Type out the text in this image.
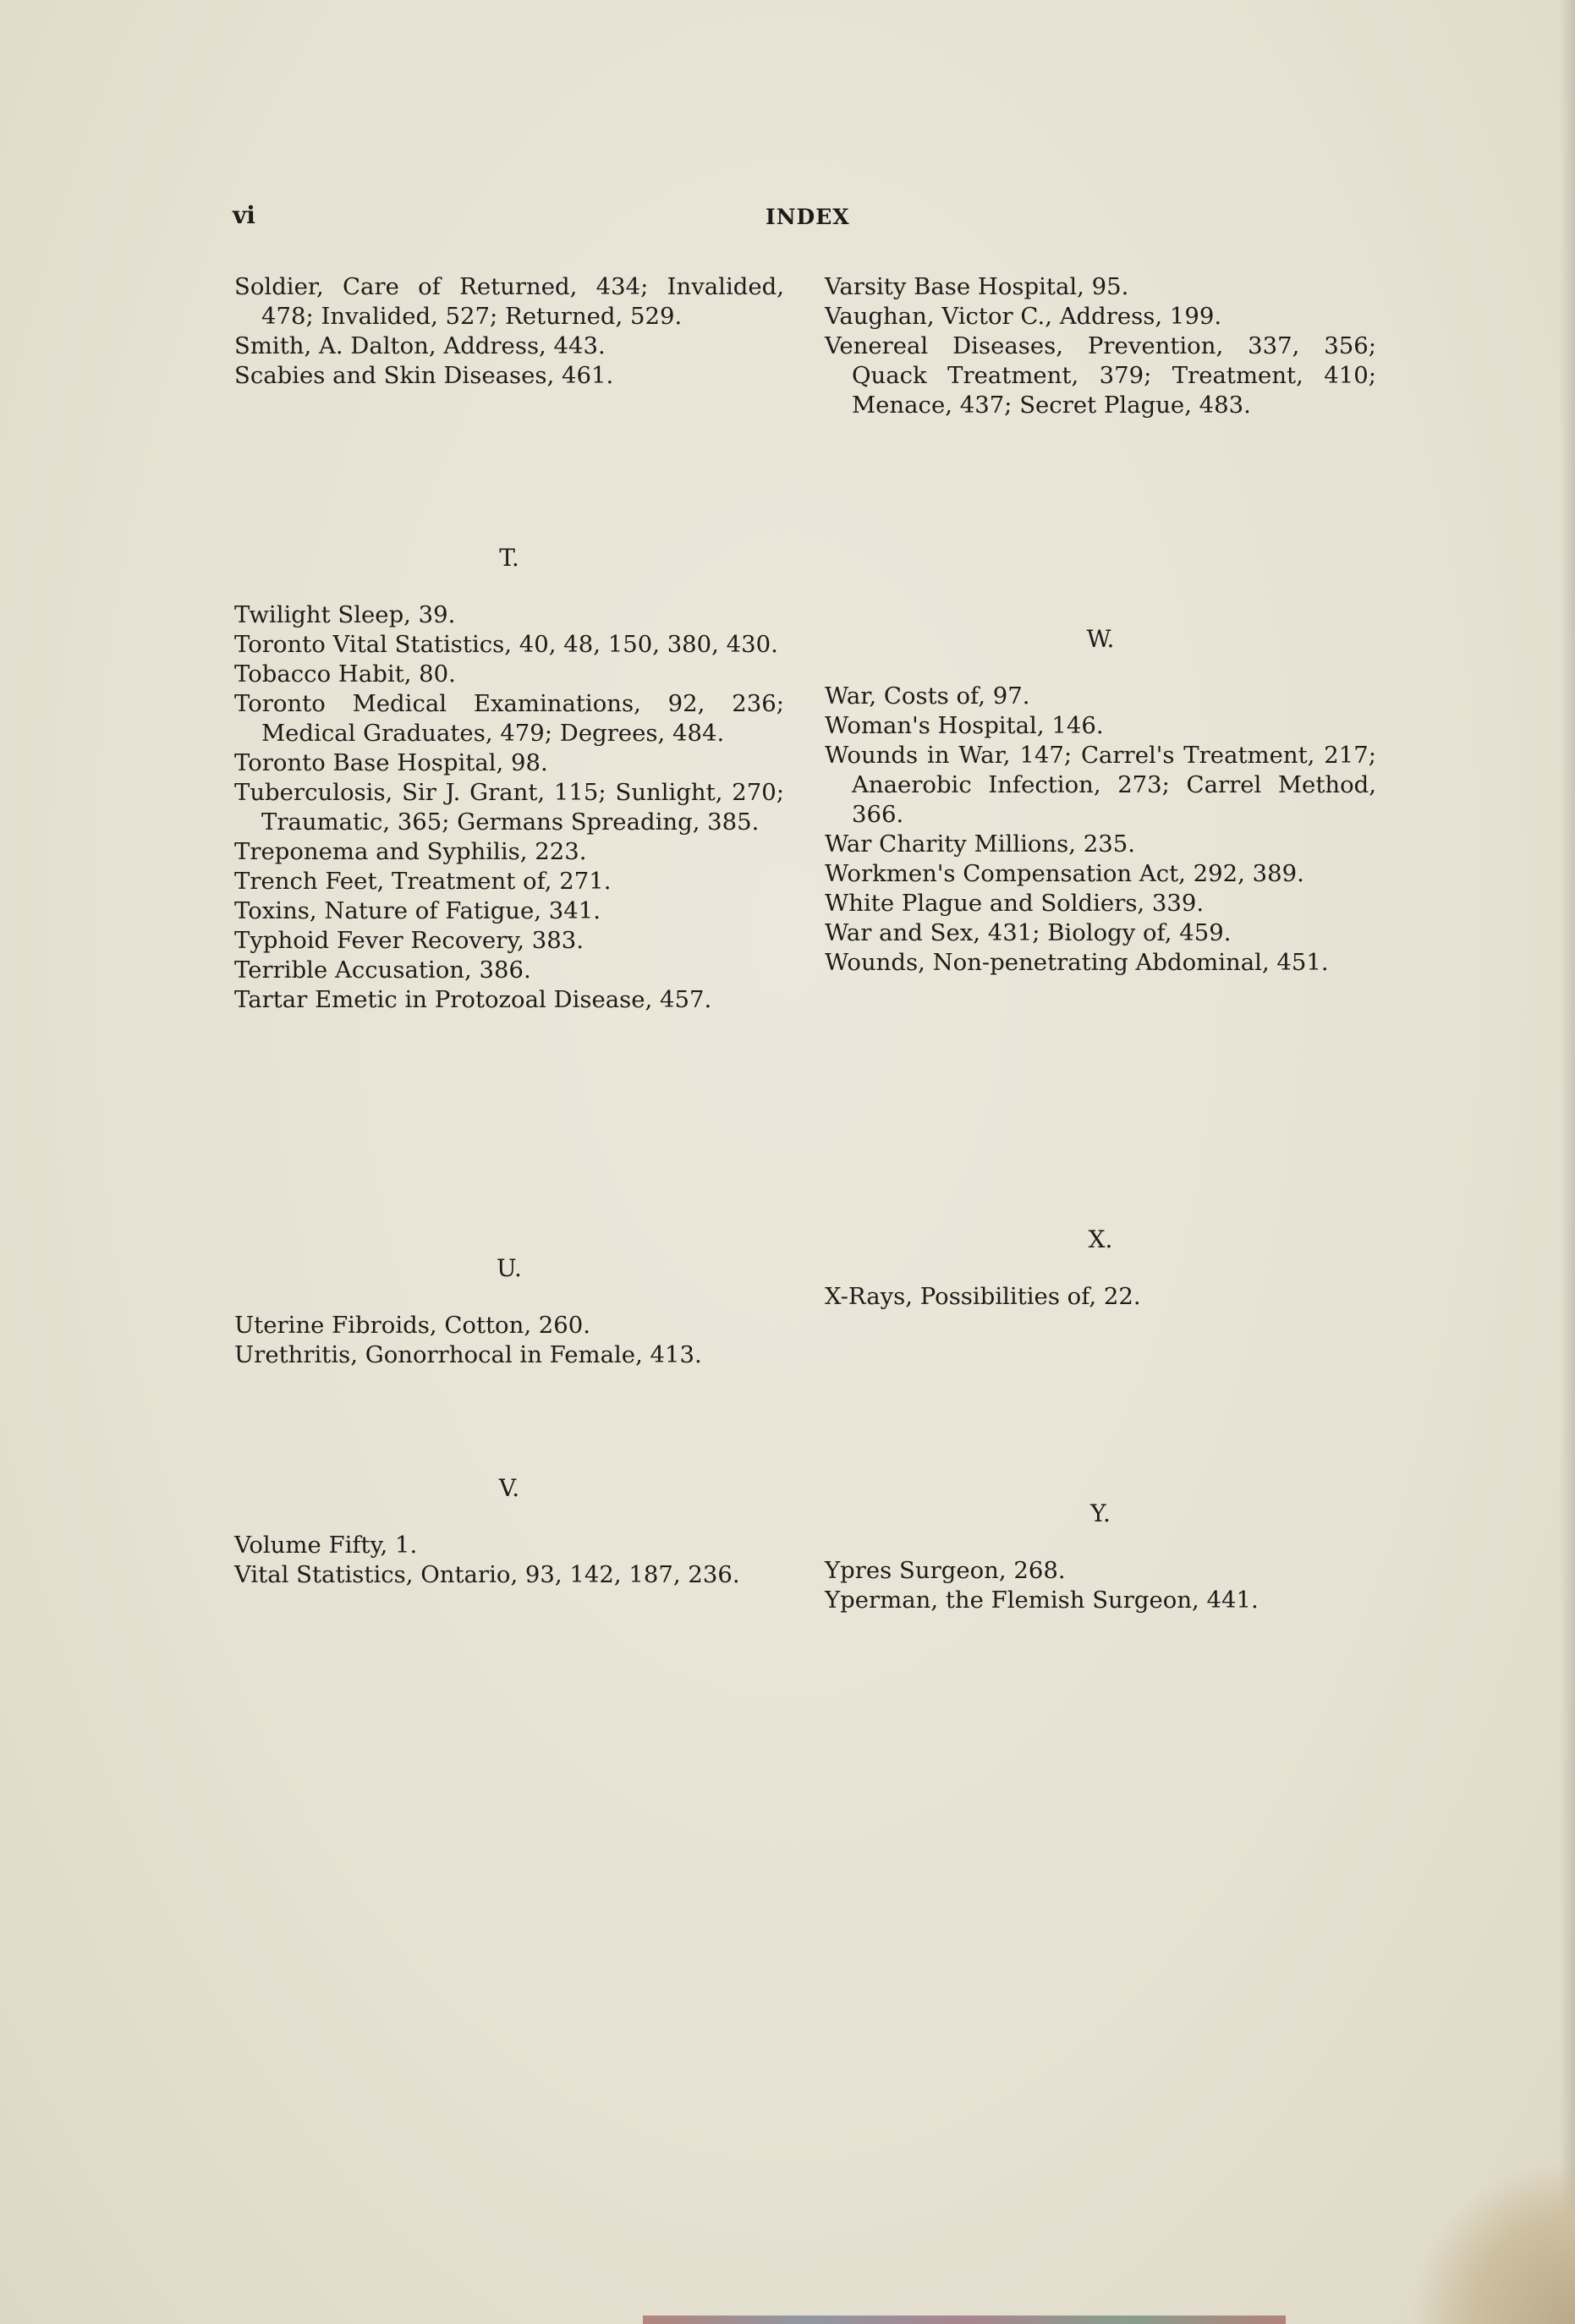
vi	INDEX

Soldier, Care of Returned, 434; Invalided, 478; Invalided, 527; Returned, 529.

Smith, A. Dalton, Address, 443.

Scabies and Skin Diseases, 461.

T.

Twilight Sleep, 39.

Toronto Vital Statistics, 40, 48, 150, 380, 430.

Tobacco Habit, 80.

Toronto Medical Examinations, 92, 236; Medical Graduates, 479; Degrees, 484.

Toronto Base Hospital, 98.

Tuberculosis, Sir J. Grant, 115; Sunlight, 270; Traumatic, 365; Germans Spreading, 385.

Treponema and Syphilis, 223.

Trench Feet, Treatment of, 271.

Toxins, Nature of Fatigue, 341.

Typhoid Fever Recovery, 383.

Terrible Accusation, 386.

Tartar Emetic in Protozoal Disease, 457.

U.

Uterine Fibroids, Cotton, 260.

Urethritis, Gonorrhocal in Female, 413.

V.

Volume Fifty, 1.

Vital Statistics, Ontario, 93, 142, 187, 236.

Varsity Base Hospital, 95.

Vaughan, Victor C., Address, 199.

Venereal Diseases, Prevention, 337, 356; Quack Treatment, 379; Treatment, 410; Menace, 437; Secret Plague, 483.

W.

War, Costs of, 97.

Woman's Hospital, 146.

Wounds in War, 147; Carrel's Treatment, 217; Anaerobic Infection, 273; Carrel Method, 366.

War Charity Millions, 235.

Workmen's Compensation Act, 292, 389.

White Plague and Soldiers, 339.

War and Sex, 431; Biology of, 459.

Wounds, Non-penetrating Abdominal, 451.

X.

X-Rays, Possibilities of, 22.

Y.

Ypres Surgeon, 268.

Yperman, the Flemish Surgeon, 441.
